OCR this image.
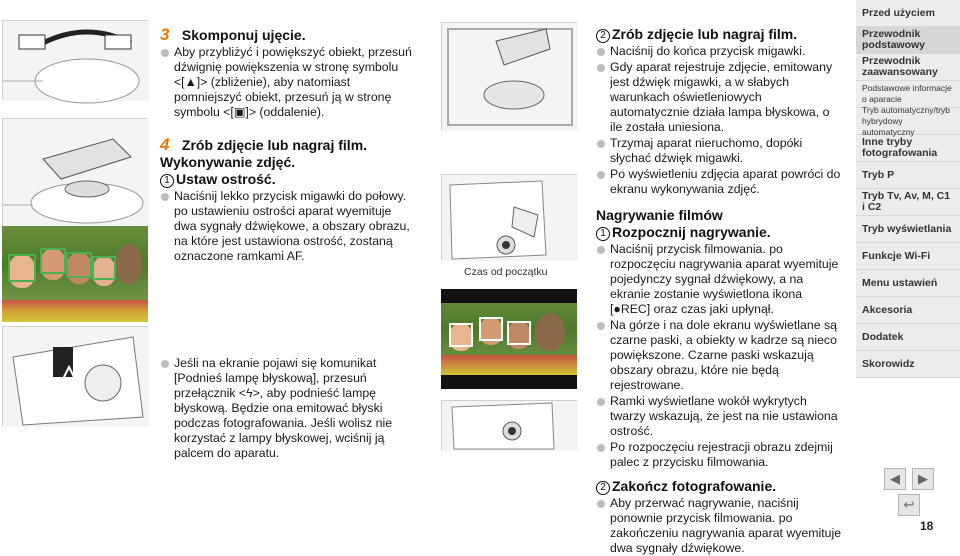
3 Skomponuj ujęcie.
Aby przybliżyć i powiększyć obiekt, przesuń dźwignię powiększenia w stronę symbolu <[▲]> (zbliżenie), aby natomiast pomniejszyć obiekt, przesuń ją w stronę symbolu <[▣]> (oddalenie).
4 Zrób zdjęcie lub nagraj film.
Wykonywanie zdjęć.
1 Ustaw ostrość.
Naciśnij lekko przycisk migawki do połowy. po ustawieniu ostrości aparat wyemituje dwa sygnały dźwiękowe, a obszary obrazu, na które jest ustawiona ostrość, zostaną oznaczone ramkami AF.
Jeśli na ekranie pojawi się komunikat [Podnieś lampę błyskową], przesuń przełącznik <ϟ>, aby podnieść lampę błyskową. Będzie ona emitować błyski podczas fotografowania. Jeśli wolisz nie korzystać z lampy błyskowej, wciśnij ją palcem do aparatu.
Czas od początku
2 Zrób zdjęcie lub nagraj film.
Naciśnij do końca przycisk migawki.
Gdy aparat rejestruje zdjęcie, emitowany jest dźwięk migawki, a w słabych warunkach oświetleniowych automatycznie działa lampa błyskowa, o ile została uniesiona.
Trzymaj aparat nieruchomo, dopóki słychać dźwięk migawki.
Po wyświetleniu zdjęcia aparat powróci do ekranu wykonywania zdjęć.
Nagrywanie filmów
1 Rozpocznij nagrywanie.
Naciśnij przycisk filmowania. po rozpoczęciu nagrywania aparat wyemituje pojedynczy sygnał dźwiękowy, a na ekranie zostanie wyświetlona ikona [●REC] oraz czas jaki upłynął.
Na górze i na dole ekranu wyświetlane są czarne paski, a obiekty w kadrze są nieco powiększone. Czarne paski wskazują obszary obrazu, które nie będą rejestrowane.
Ramki wyświetlane wokół wykrytych twarzy wskazują, że jest na nie ustawiona ostrość.
Po rozpoczęciu rejestracji obrazu zdejmij palec z przycisku filmowania.
2 Zakończ fotografowanie.
Aby przerwać nagrywanie, naciśnij ponownie przycisk filmowania. po zakończeniu nagrywania aparat wyemituje dwa sygnały dźwiękowe.
Przed użyciem
Przewodnik podstawowy
Przewodnik zaawansowany
Podstawowe informacje o aparacie
Tryb automatyczny/tryb hybrydowy automatyczny
Inne tryby fotografowania
Tryb P
Tryb Tv, Av, M, C1 i C2
Tryb wyświetlania
Funkcje Wi-Fi
Menu ustawień
Akcesoria
Dodatek
Skorowidz
◀ ▶
↩
18
